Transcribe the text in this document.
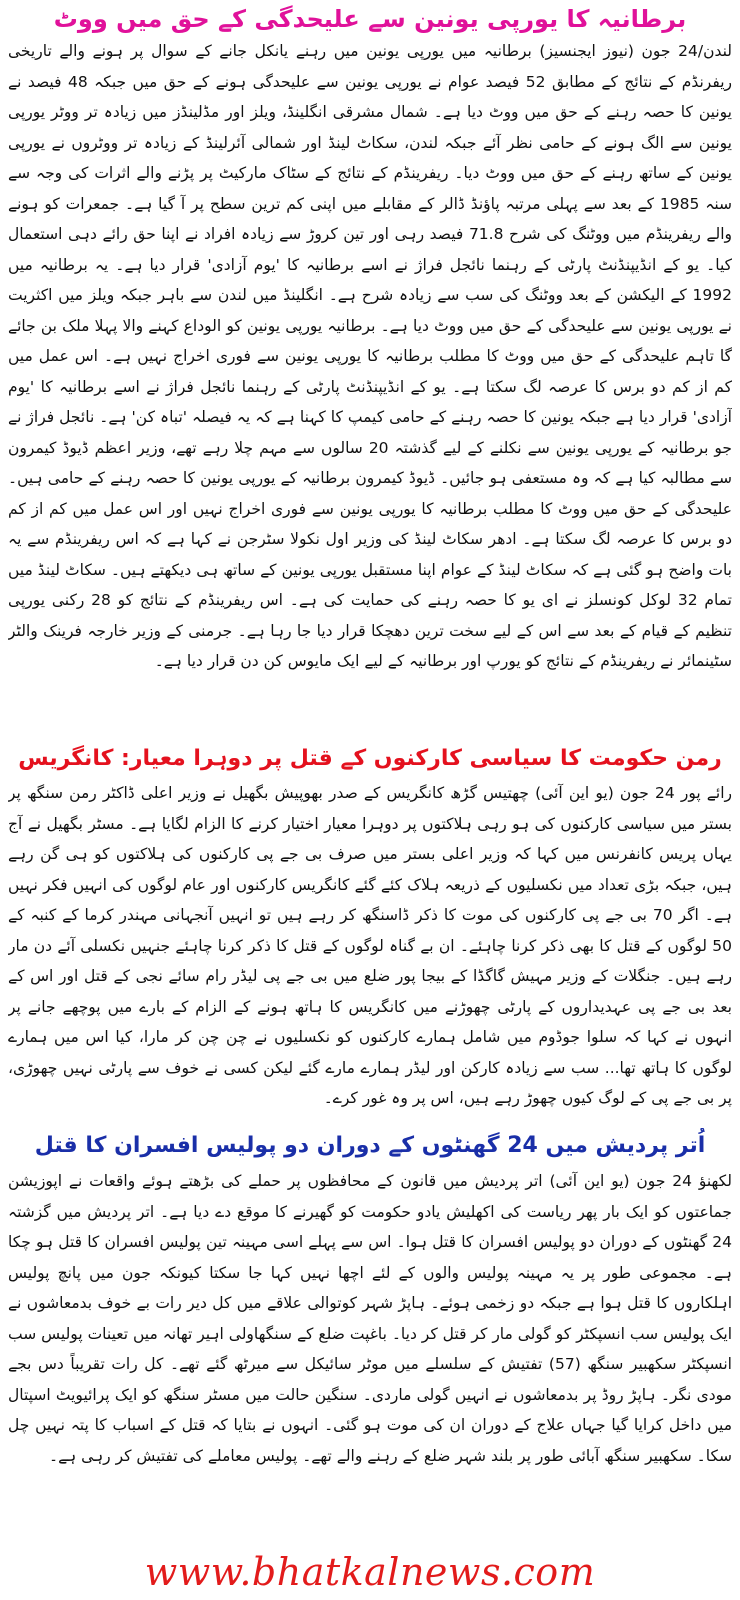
برطانیہ کا یورپی یونین سے علیحدگی کے حق میں ووٹ

لندن/24 جون (نیوز ایجنسیز) برطانیہ میں یورپی یونین میں رہنے یانکل جانے کے سوال پر ہونے والے تاریخی ریفرنڈم کے نتائج کے مطابق 52 فیصد عوام نے یورپی یونین سے علیحدگی ہونے کے حق میں جبکہ 48 فیصد نے یونین کا حصہ رہنے کے حق میں ووٹ دیا ہے۔ شمال مشرقی انگلینڈ، ویلز اور مڈلینڈز میں زیادہ تر ووٹر یورپی یونین سے الگ ہونے کے حامی نظر آئے جبکہ لندن، سکاٹ لینڈ اور شمالی آئرلینڈ کے زیادہ تر ووٹروں نے یورپی یونین کے ساتھ رہنے کے حق میں ووٹ دیا۔ ریفرینڈم کے نتائج کے سٹاک مارکیٹ پر پڑنے والے اثرات کی وجہ سے سنہ 1985 کے بعد سے پہلی مرتبہ پاؤنڈ ڈالر کے مقابلے میں اپنی کم ترین سطح پر آ گیا ہے۔ جمعرات کو ہونے والے ریفرینڈم میں ووٹنگ کی شرح 71.8 فیصد رہی اور تین کروڑ سے زیادہ افراد نے اپنا حق رائے دہی استعمال کیا۔ یو کے انڈیپنڈنٹ پارٹی کے رہنما نائجل فراژ نے اسے برطانیہ کا 'یوم آزادی' قرار دیا ہے۔ یہ برطانیہ میں 1992 کے الیکشن کے بعد ووٹنگ کی سب سے زیادہ شرح ہے۔ انگلینڈ میں لندن سے باہر جبکہ ویلز میں اکثریت نے یورپی یونین سے علیحدگی کے حق میں ووٹ دیا ہے۔ برطانیہ یورپی یونین کو الوداع کہنے والا پہلا ملک بن جائے گا تاہم علیحدگی کے حق میں ووٹ کا مطلب برطانیہ کا یورپی یونین سے فوری اخراج نہیں ہے۔ اس عمل میں کم از کم دو برس کا عرصہ لگ سکتا ہے۔ یو کے انڈیپنڈنٹ پارٹی کے رہنما نائجل فراژ نے اسے برطانیہ کا 'یوم آزادی' قرار دیا ہے جبکہ یونین کا حصہ رہنے کے حامی کیمپ کا کہنا ہے کہ یہ فیصلہ 'تباہ کن' ہے۔ نائجل فراژ نے جو برطانیہ کے یورپی یونین سے نکلنے کے لیے گذشتہ 20 سالوں سے مہم چلا رہے تھے، وزیر اعظم ڈیوڈ کیمرون سے مطالبہ کیا ہے کہ وہ مستعفی ہو جائیں۔ ڈیوڈ کیمرون برطانیہ کے یورپی یونین کا حصہ رہنے کے حامی ہیں۔ علیحدگی کے حق میں ووٹ کا مطلب برطانیہ کا یورپی یونین سے فوری اخراج نہیں اور اس عمل میں کم از کم دو برس کا عرصہ لگ سکتا ہے۔ ادھر سکاٹ لینڈ کی وزیر اول نکولا سٹرجن نے کہا ہے کہ اس ریفرینڈم سے یہ بات واضح ہو گئی ہے کہ سکاٹ لینڈ کے عوام اپنا مستقبل یورپی یونین کے ساتھ ہی دیکھتے ہیں۔ سکاٹ لینڈ میں تمام 32 لوکل کونسلز نے ای یو کا حصہ رہنے کی حمایت کی ہے۔ اس ریفرینڈم کے نتائج کو 28 رکنی یورپی تنظیم کے قیام کے بعد سے اس کے لیے سخت ترین دھچکا قرار دیا جا رہا ہے۔ جرمنی کے وزیر خارجہ فرینک والٹر سٹینمائر نے ریفرینڈم کے نتائج کو یورپ اور برطانیہ کے لیے ایک مایوس کن دن قرار دیا ہے۔

رمن حکومت کا سیاسی کارکنوں کے قتل پر دوہرا معیار: کانگریس

رائے پور 24 جون (یو این آئی) چھتیس گڑھ کانگریس کے صدر بھوپیش بگھیل نے وزیر اعلی ڈاکٹر رمن سنگھ پر بستر میں سیاسی کارکنوں کی ہو رہی ہلاکتوں پر دوہرا معیار اختیار کرنے کا الزام لگایا ہے۔ مسٹر بگھیل نے آج یہاں پریس کانفرنس میں کہا کہ وزیر اعلی بستر میں صرف بی جے پی کارکنوں کی ہلاکتوں کو ہی گن رہے ہیں، جبکہ بڑی تعداد میں نکسلیوں کے ذریعہ ہلاک کئے گئے کانگریس کارکنوں اور عام لوگوں کی انہیں فکر نہیں ہے۔ اگر 70 بی جے پی کارکنوں کی موت کا ذکر ڈاسنگھ کر رہے ہیں تو انہیں آنجہانی مہندر کرما کے کنبہ کے 50 لوگوں کے قتل کا بھی ذکر کرنا چاہئے۔ ان بے گناہ لوگوں کے قتل کا ذکر کرنا چاہئے جنہیں نکسلی آئے دن مار رہے ہیں۔ جنگلات کے وزیر مہیش گاگڈا کے بیجا پور ضلع میں بی جے پی لیڈر رام سائے نجی کے قتل اور اس کے بعد بی جے پی عہدیداروں کے پارٹی چھوڑنے میں کانگریس کا ہاتھ ہونے کے الزام کے بارے میں پوچھے جانے پر انہوں نے کہا کہ سلوا جوڈوم میں شامل ہمارے کارکنوں کو نکسلیوں نے چن چن کر مارا، کیا اس میں ہمارے لوگوں کا ہاتھ تھا... سب سے زیادہ کارکن اور لیڈر ہمارے مارے گئے لیکن کسی نے خوف سے پارٹی نہیں چھوڑی، پر بی جے پی کے لوگ کیوں چھوڑ رہے ہیں، اس پر وہ غور کرے۔

اُتر پردیش میں 24 گھنٹوں کے دوران دو پولیس افسران کا قتل

لکھنؤ 24 جون (یو این آئی) اتر پردیش میں قانون کے محافظوں پر حملے کی بڑھتے ہوئے واقعات نے اپوزیشن جماعتوں کو ایک بار پھر ریاست کی اکھلیش یادو حکومت کو گھیرنے کا موقع دے دیا ہے۔ اتر پردیش میں گزشتہ 24 گھنٹوں کے دوران دو پولیس افسران کا قتل ہوا۔ اس سے پہلے اسی مہینہ تین پولیس افسران کا قتل ہو چکا ہے۔ مجموعی طور پر یہ مہینہ پولیس والوں کے لئے اچھا نہیں کہا جا سکتا کیونکہ جون میں پانچ پولیس اہلکاروں کا قتل ہوا ہے جبکہ دو زخمی ہوئے۔ ہاپڑ شہر کوتوالی علاقے میں کل دیر رات بے خوف بدمعاشوں نے ایک پولیس سب انسپکٹر کو گولی مار کر قتل کر دیا۔ باغپت ضلع کے سنگھاولی اہیر تھانہ میں تعینات پولیس سب انسپکٹر سکھبیر سنگھ (57) تفتیش کے سلسلے میں موٹر سائیکل سے میرٹھ گئے تھے۔ کل رات تقریباً دس بجے مودی نگر۔ ہاپڑ روڈ پر بدمعاشوں نے انہیں گولی ماردی۔ سنگین حالت میں مسٹر سنگھ کو ایک پرائیویٹ اسپتال میں داخل کرایا گیا جہاں علاج کے دوران ان کی موت ہو گئی۔ انہوں نے بتایا کہ قتل کے اسباب کا پتہ نہیں چل سکا۔ سکھبیر سنگھ آبائی طور پر بلند شہر ضلع کے رہنے والے تھے۔ پولیس معاملے کی تفتیش کر رہی ہے۔

www.bhatkalnews.com
